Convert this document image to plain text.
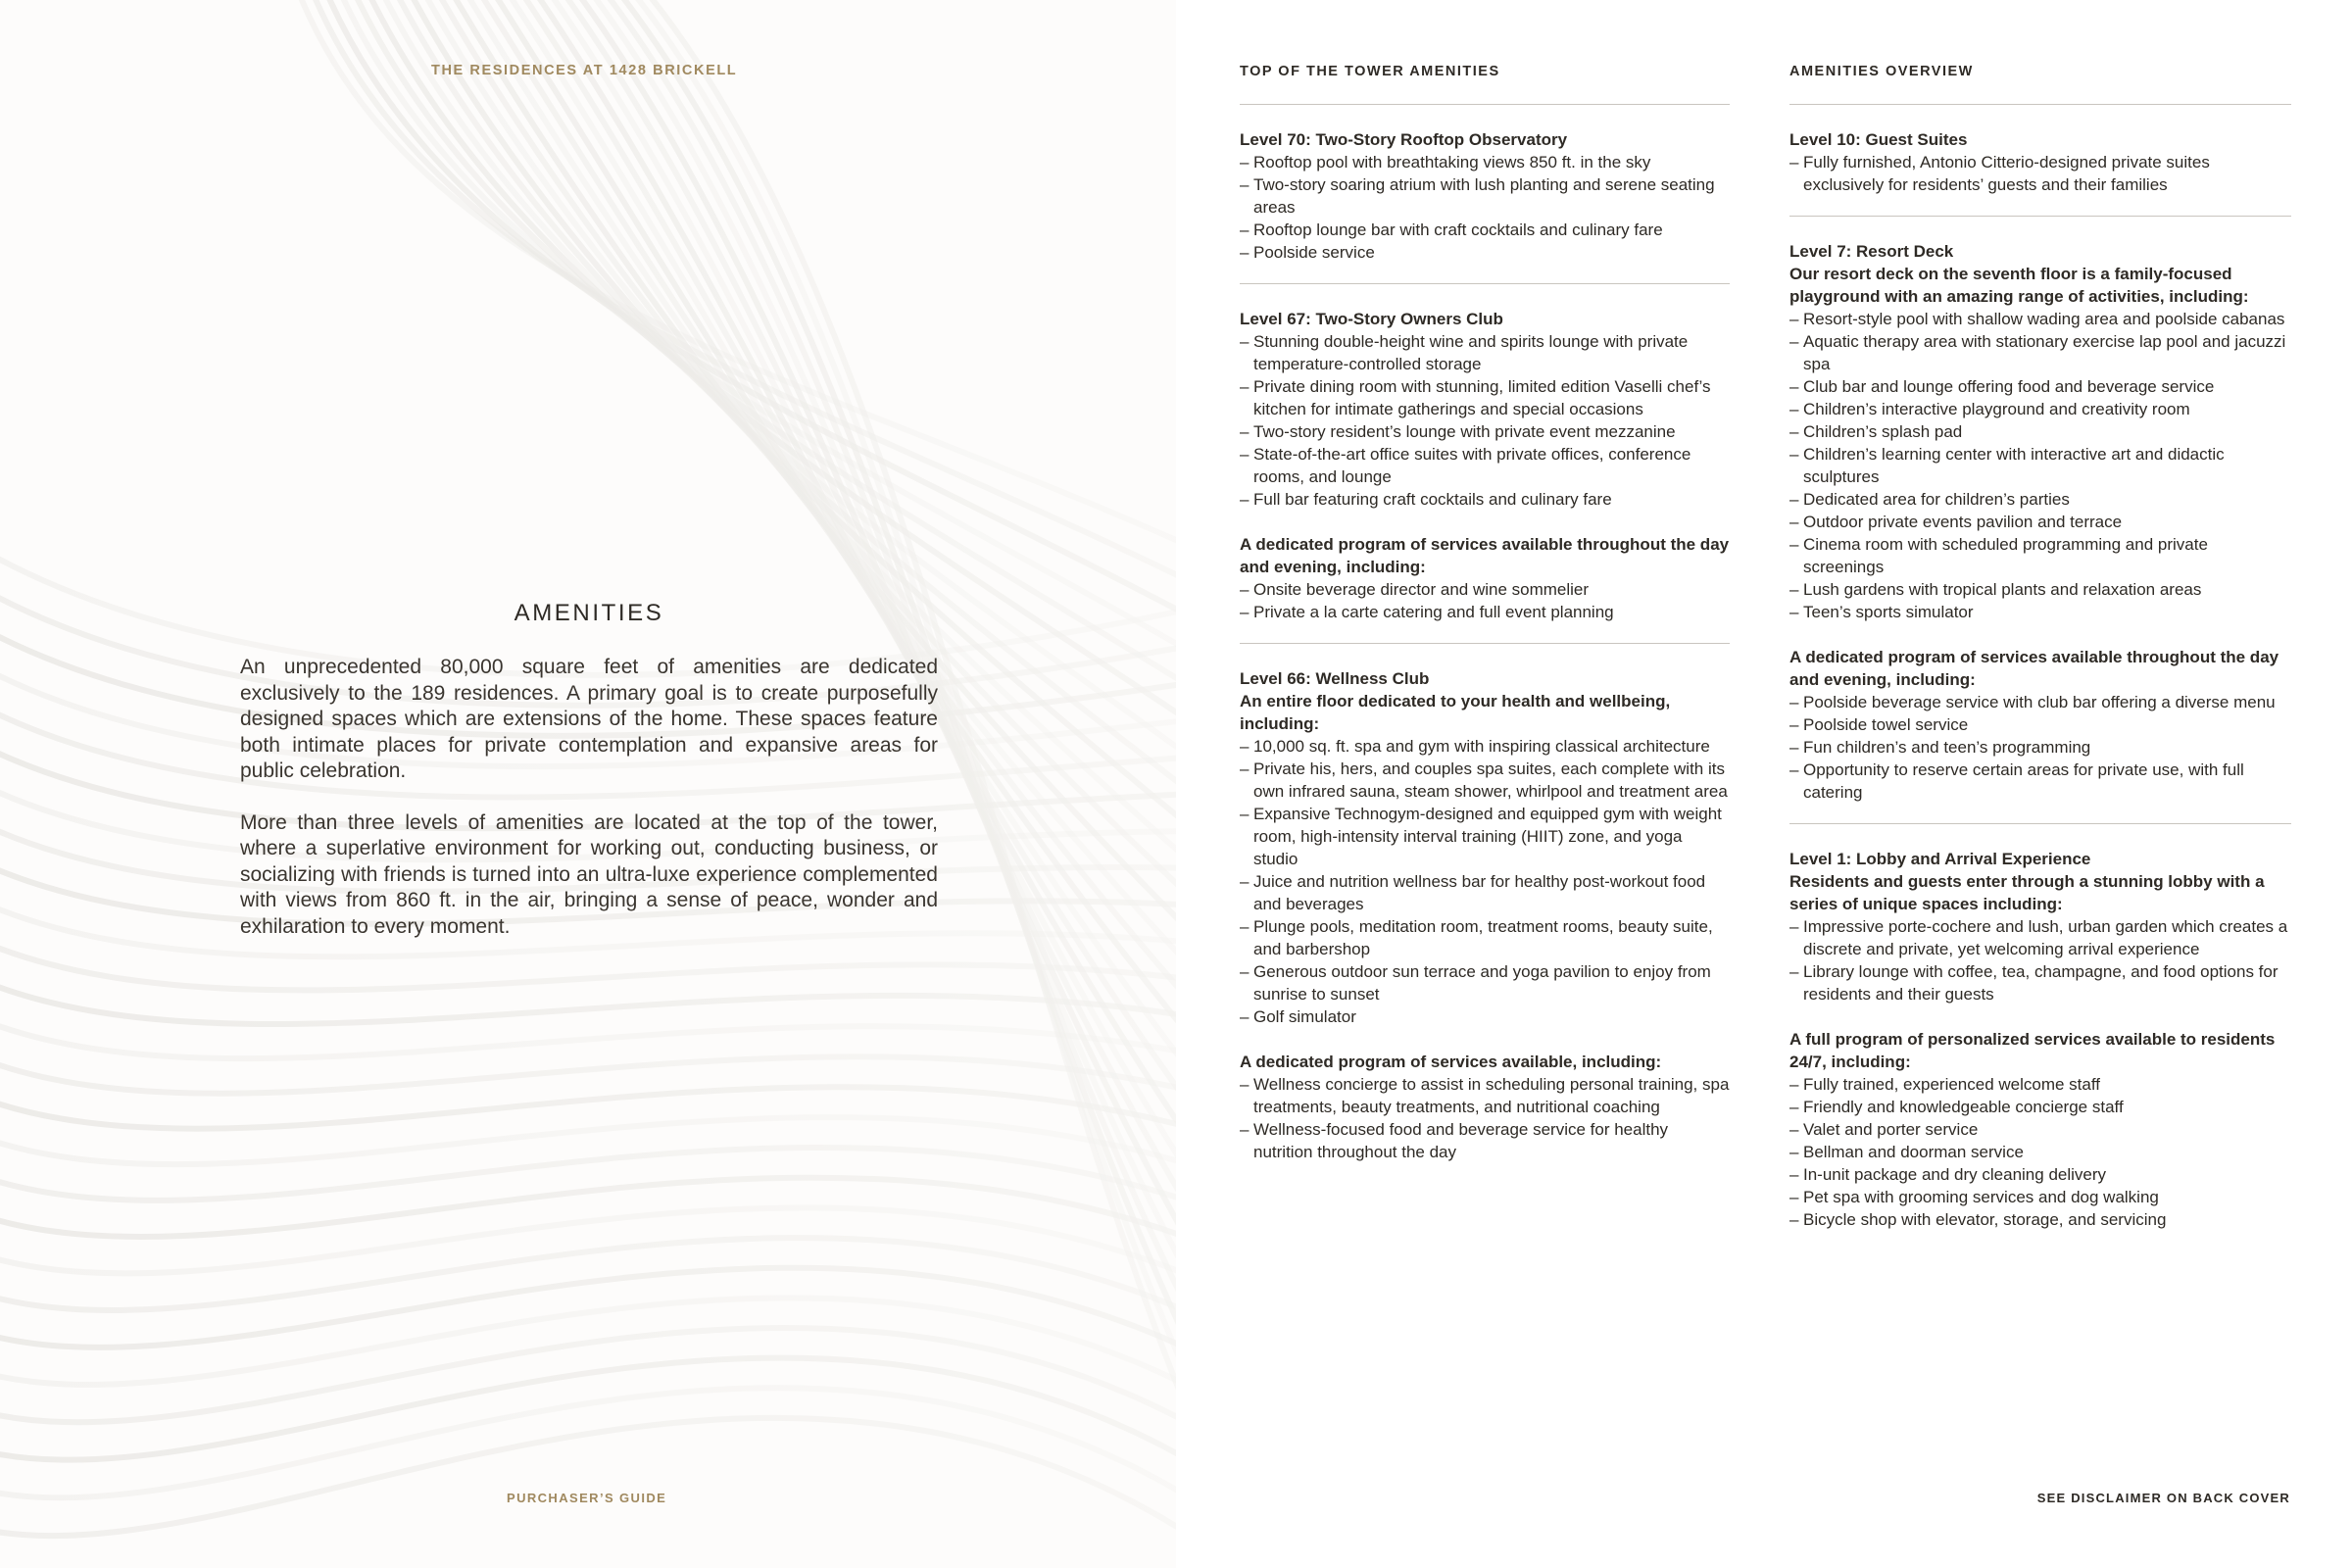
THE RESIDENCES AT 1428 BRICKELL
AMENITIES

An unprecedented 80,000 square feet of amenities are dedicated exclusively to the 189 residences. A primary goal is to create purposefully designed spaces which are extensions of the home. These spaces feature both intimate places for private contemplation and expansive areas for public celebration.

More than three levels of amenities are located at the top of the tower, where a superlative environment for working out, conducting business, or socializing with friends is turned into an ultra-luxe experience complemented with views from 860 ft. in the air, bringing a sense of peace, wonder and exhilaration to every moment.

PURCHASER’S GUIDE
TOP OF THE TOWER AMENITIES
Level 70: Two-Story Rooftop Observatory
– Rooftop pool with breathtaking views 850 ft. in the sky
– Two-story soaring atrium with lush planting and serene seating areas
– Rooftop lounge bar with craft cocktails and culinary fare
– Poolside service
Level 67: Two-Story Owners Club
– Stunning double-height wine and spirits lounge with private temperature-controlled storage
– Private dining room with stunning, limited edition Vaselli chef’s kitchen for intimate gatherings and special occasions
– Two-story resident’s lounge with private event mezzanine
– State-of-the-art office suites with private offices, conference rooms, and lounge
– Full bar featuring craft cocktails and culinary fare
A dedicated program of services available throughout the day and evening, including:
– Onsite beverage director and wine sommelier
– Private a la carte catering and full event planning
Level 66: Wellness Club
An entire floor dedicated to your health and wellbeing, including:
– 10,000 sq. ft. spa and gym with inspiring classical architecture
– Private his, hers, and couples spa suites, each complete with its own infrared sauna, steam shower, whirlpool and treatment area
– Expansive Technogym-designed and equipped gym with weight room, high-intensity interval training (HIIT) zone, and yoga studio
– Juice and nutrition wellness bar for healthy post-workout food and beverages
– Plunge pools, meditation room, treatment rooms, beauty suite, and barbershop
– Generous outdoor sun terrace and yoga pavilion to enjoy from sunrise to sunset
– Golf simulator
A dedicated program of services available, including:
– Wellness concierge to assist in scheduling personal training, spa treatments, beauty treatments, and nutritional coaching
– Wellness-focused food and beverage service for healthy nutrition throughout the day
AMENITIES OVERVIEW
Level 10: Guest Suites
– Fully furnished, Antonio Citterio-designed private suites exclusively for residents’ guests and their families
Level 7: Resort Deck
Our resort deck on the seventh floor is a family-focused playground with an amazing range of activities, including:
– Resort-style pool with shallow wading area and poolside cabanas
– Aquatic therapy area with stationary exercise lap pool and jacuzzi spa
– Club bar and lounge offering food and beverage service
– Children’s interactive playground and creativity room
– Children’s splash pad
– Children’s learning center with interactive art and didactic sculptures
– Dedicated area for children’s parties
– Outdoor private events pavilion and terrace
– Cinema room with scheduled programming and private screenings
– Lush gardens with tropical plants and relaxation areas
– Teen’s sports simulator
A dedicated program of services available throughout the day and evening, including:
– Poolside beverage service with club bar offering a diverse menu
– Poolside towel service
– Fun children’s and teen’s programming
– Opportunity to reserve certain areas for private use, with full catering
Level 1: Lobby and Arrival Experience
Residents and guests enter through a stunning lobby with a series of unique spaces including:
– Impressive porte-cochere and lush, urban garden which creates a discrete and private, yet welcoming arrival experience
– Library lounge with coffee, tea, champagne, and food options for residents and their guests
A full program of personalized services available to residents 24/7, including:
– Fully trained, experienced welcome staff
– Friendly and knowledgeable concierge staff
– Valet and porter service
– Bellman and doorman service
– In-unit package and dry cleaning delivery
– Pet spa with grooming services and dog walking
– Bicycle shop with elevator, storage, and servicing
SEE DISCLAIMER ON BACK COVER
